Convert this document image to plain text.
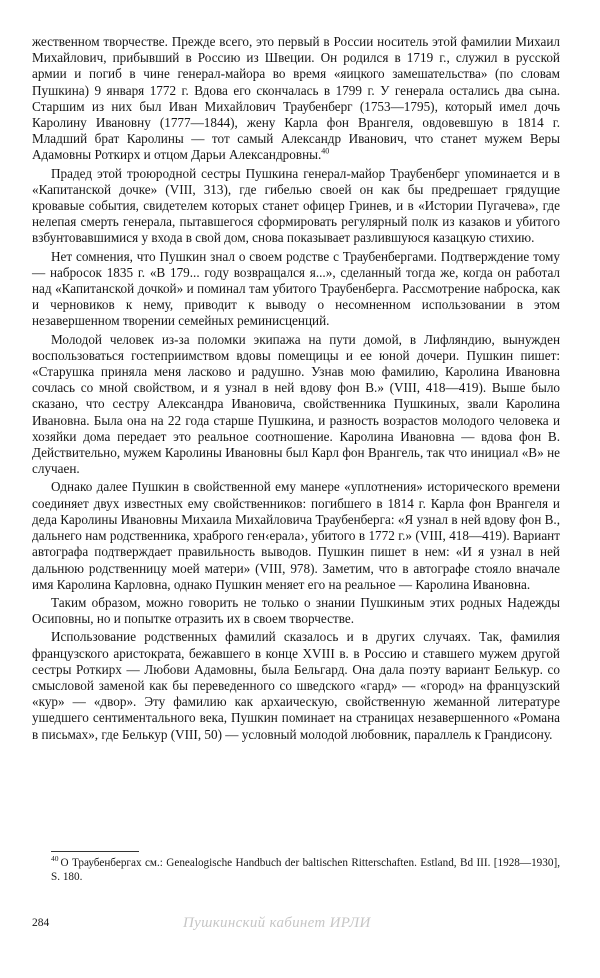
жественном творчестве. Прежде всего, это первый в России носитель этой фамилии Михаил Михайлович, прибывший в Россию из Швеции. Он родился в 1719 г., служил в русской армии и погиб в чине генерал-майора во время «яицкого замешательства» (по словам Пушкина) 9 января 1772 г. Вдова его скончалась в 1799 г. У генерала остались два сына. Старшим из них был Иван Михайлович Траубенберг (1753—1795), который имел дочь Каролину Ивановну (1777—1844), жену Карла фон Врангеля, овдовевшую в 1814 г. Младший брат Каролины — тот самый Александр Иванович, что станет мужем Веры Адамовны Роткирх и отцом Дарьи Александровны.$^{40}$

Прадед этой троюродной сестры Пушкина генерал-майор Траубенберг упоминается и в «Капитанской дочке» (VIII, 313), где гибелью своей он как бы предрешает грядущие кровавые события, свидетелем которых станет офицер Гринев, и в «Истории Пугачева», где нелепая смерть генерала, пытавшегося сформировать регулярный полк из казаков и убитого взбунтовавшимися у входа в свой дом, снова показывает разлившуюся казацкую стихию.

Нет сомнения, что Пушкин знал о своем родстве с Траубенбергами. Подтверждение тому — набросок 1835 г. «В 179... году возвращался я...», сделанный тогда же, когда он работал над «Капитанской дочкой» и поминал там убитого Траубенберга. Рассмотрение наброска, как и черновиков к нему, приводит к выводу о несомненном использовании в этом незавершенном творении семейных реминисценций.

Молодой человек из-за поломки экипажа на пути домой, в Лифляндию, вынужден воспользоваться гостеприимством вдовы помещицы и ее юной дочери. Пушкин пишет: «Старушка приняла меня ласково и радушно. Узнав мою фамилию, Каролина Ивановна сочлась со мной свойством, и я узнал в ней вдову фон В.» (VIII, 418—419). Выше было сказано, что сестру Александра Ивановича, свойственника Пушкиных, звали Каролина Ивановна. Была она на 22 года старше Пушкина, и разность возрастов молодого человека и хозяйки дома передает это реальное соотношение. Каролина Ивановна — вдова фон В. Действительно, мужем Каролины Ивановны был Карл фон Врангель, так что инициал «В» не случаен.

Однако далее Пушкин в свойственной ему манере «уплотнения» исторического времени соединяет двух известных ему свойственников: погибшего в 1814 г. Карла фон Врангеля и деда Каролины Ивановны Михаила Михайловича Траубенберга: «Я узнал в ней вдову фон В., дальнего нам родственника, храброго ген‹ерала›, убитого в 1772 г.» (VIII, 418—419). Вариант автографа подтверждает правильность выводов. Пушкин пишет в нем: «И я узнал в ней дальнюю родственницу моей матери» (VIII, 978). Заметим, что в автографе стояло вначале имя Каролина Карловна, однако Пушкин меняет его на реальное — Каролина Ивановна.

Таким образом, можно говорить не только о знании Пушкиным этих родных Надежды Осиповны, но и попытке отразить их в своем творчестве.

Использование родственных фамилий сказалось и в других случаях. Так, фамилия французского аристократа, бежавшего в конце XVIII в. в Россию и ставшего мужем другой сестры Роткирх — Любови Адамовны, была Бельгард. Она дала поэту вариант Белькур. со смысловой заменой как бы переведенного со шведского «гард» — «город» на французский «кур» — «двор». Эту фамилию как архаическую, свойственную жеманной литературе ушедшего сентиментального века, Пушкин поминает на страницах незавершенного «Романа в письмах», где Белькур (VIII, 50) — условный молодой любовник, параллель к Грандисону.

$^{40}$ О Траубенбергах см.: Genealogische Handbuch der baltischen Ritterschaften. Estland, Bd III. [1928—1930], S. 180.

284	Пушкинский кабинет ИРЛИ
